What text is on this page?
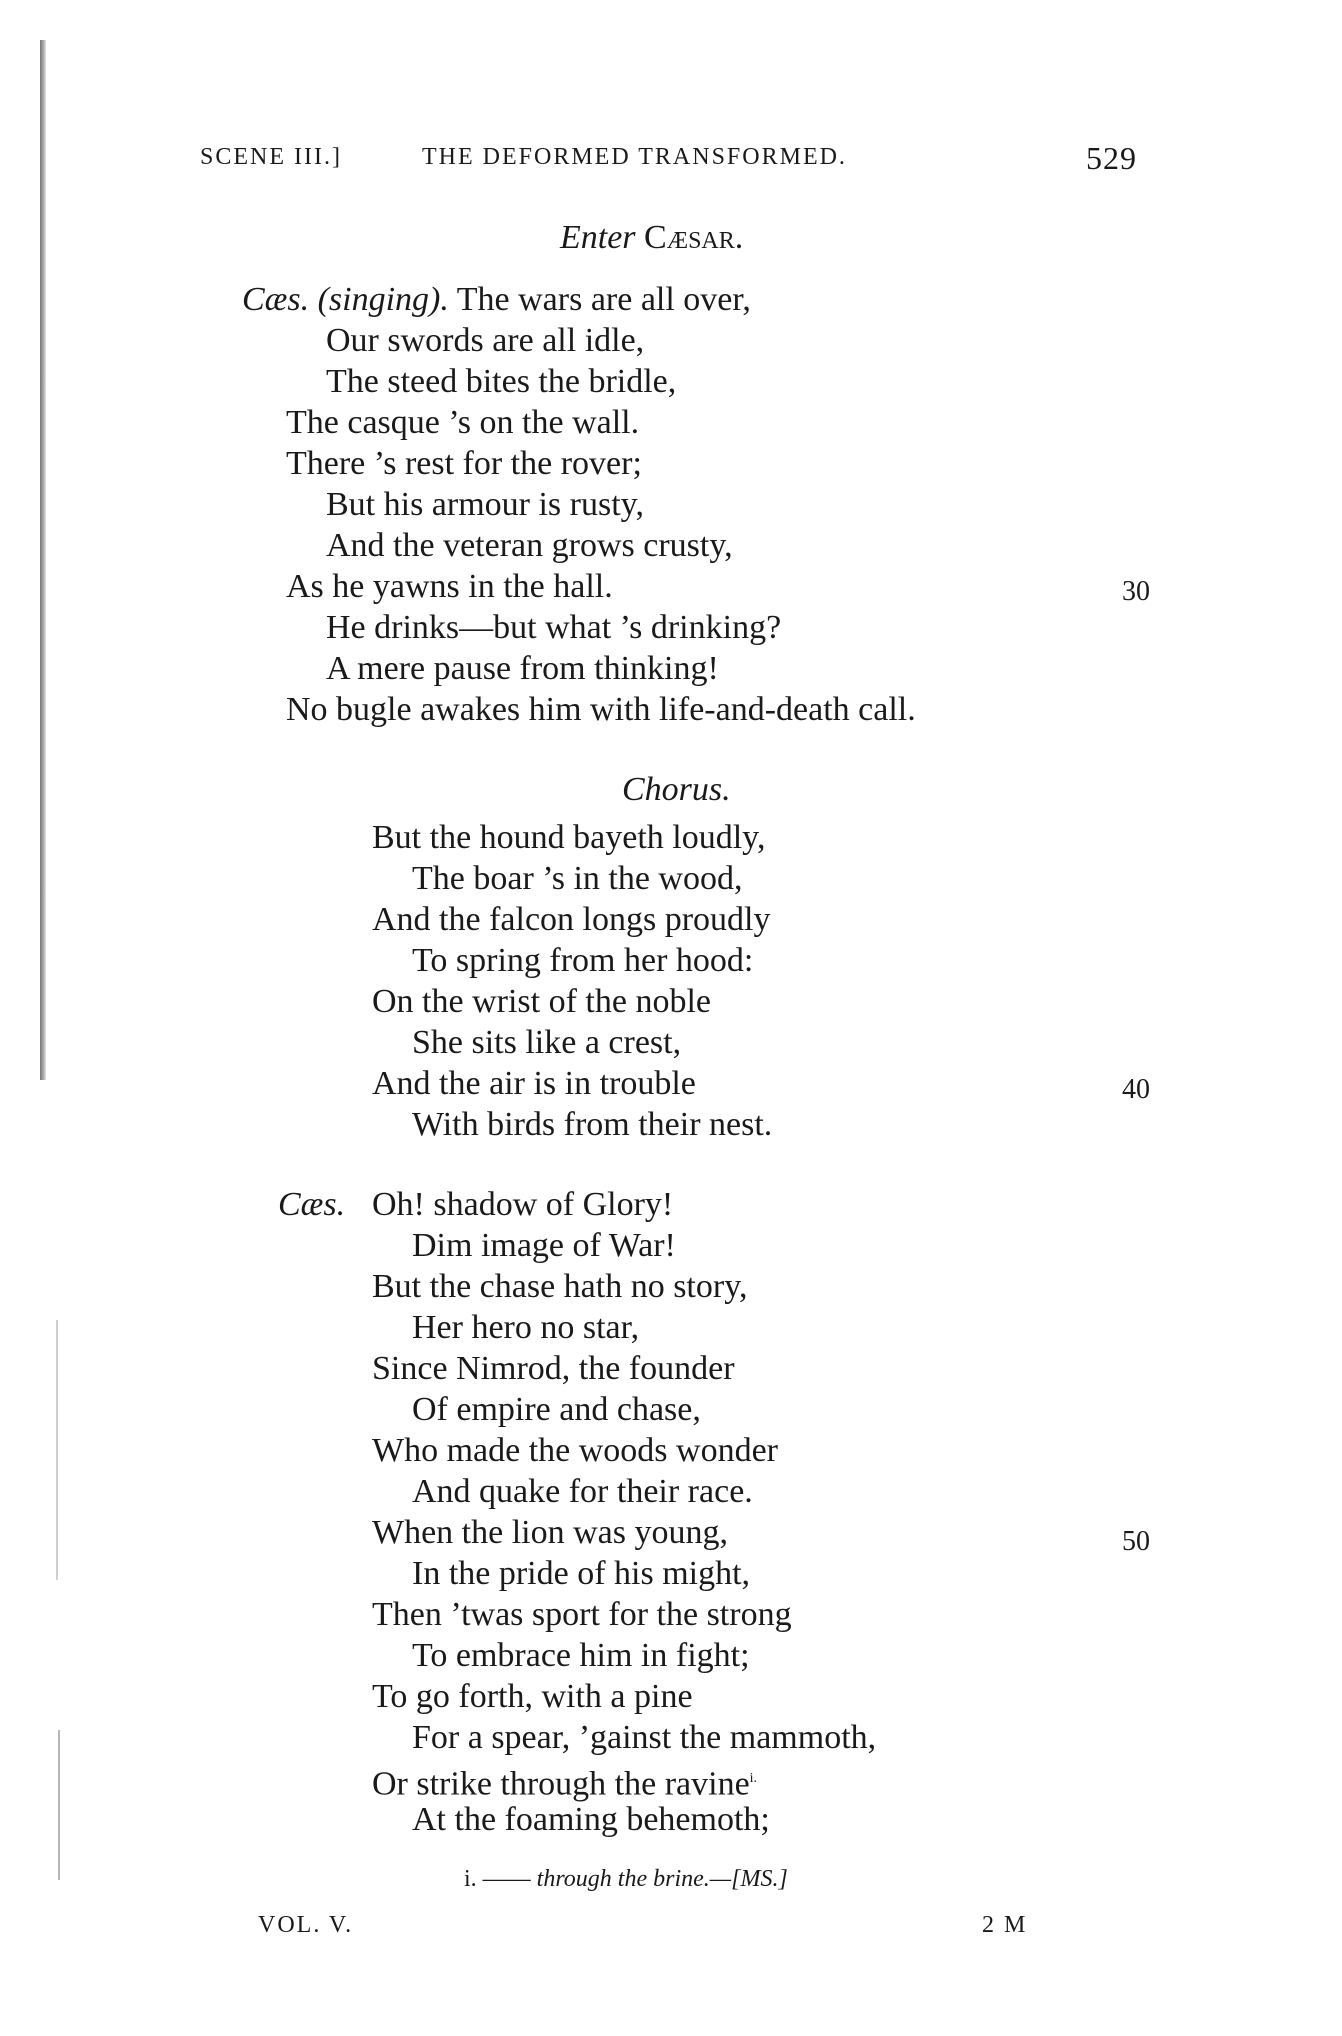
SCENE III.]	THE DEFORMED TRANSFORMED.	529
Enter Cæsar.
Cæs. (singing). The wars are all over,
Our swords are all idle,
The steed bites the bridle,
The casque ’s on the wall.
There ’s rest for the rover;
But his armour is rusty,
And the veteran grows crusty,
As he yawns in the hall.
He drinks—but what ’s drinking?
A mere pause from thinking!
No bugle awakes him with life-and-death call.
30
Chorus.
But the hound bayeth loudly,
The boar ’s in the wood,
And the falcon longs proudly
To spring from her hood:
On the wrist of the noble
She sits like a crest,
And the air is in trouble
With birds from their nest.
40
Cæs. Oh! shadow of Glory!
Dim image of War!
But the chase hath no story,
Her hero no star,
Since Nimrod, the founder
Of empire and chase,
Who made the woods wonder
And quake for their race.
When the lion was young,
In the pride of his might,
Then ’twas sport for the strong
To embrace him in fight;
To go forth, with a pine
For a spear, ’gainst the mammoth,
Or strike through the ravine$^{i.}$
At the foaming behemoth;
50
i. —— through the brine.—[MS.]
VOL. V.	2 M
